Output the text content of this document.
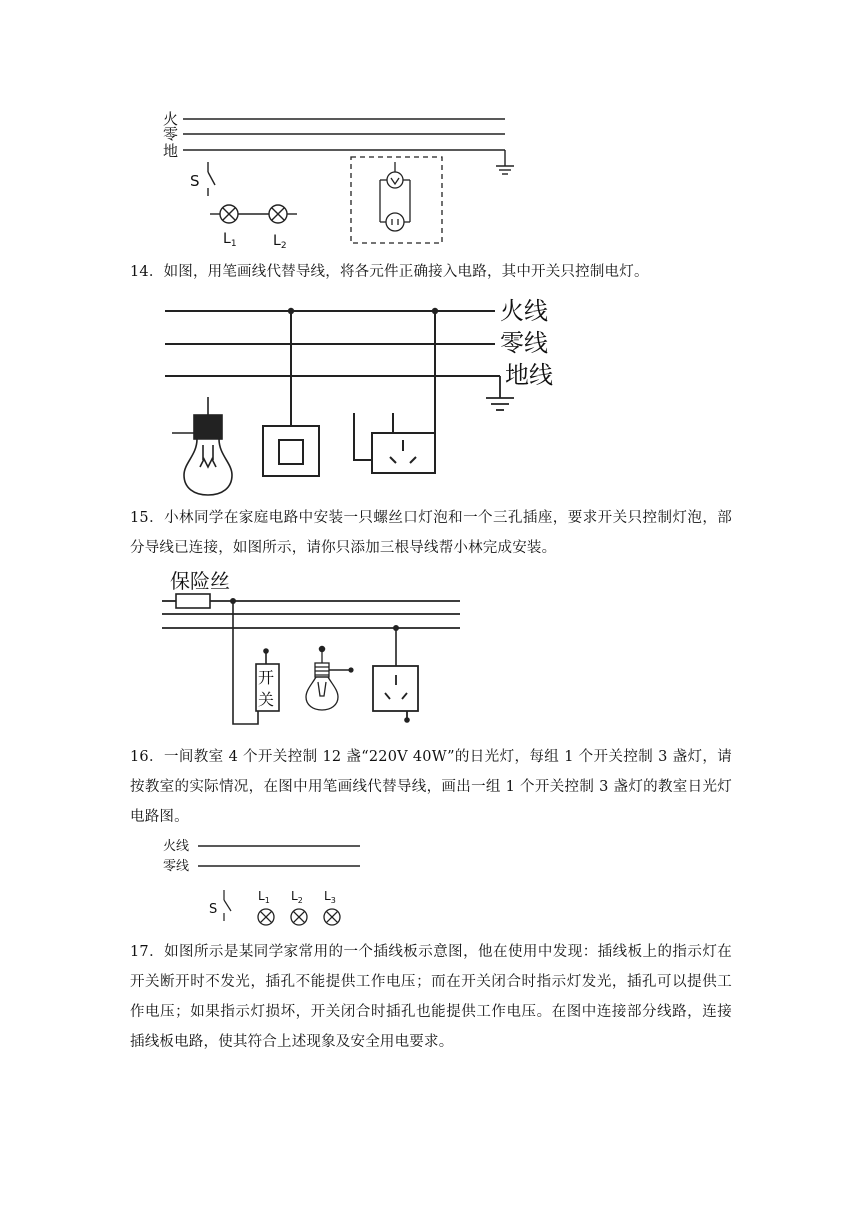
火
零
地
S
$L_1$	$L_2$

14．如图，用笔画线代替导线，将各元件正确接入电路，其中开关只控制电灯。

火线
零线
地线

15．小林同学在家庭电路中安装一只螺丝口灯泡和一个三孔插座，要求开关只控制灯泡，部分导线已连接，如图所示，请你只添加三根导线帮小林完成安装。

保险丝
开
关

16．一间教室 4 个开关控制 12 盏“220V 40W”的日光灯，每组 1 个开关控制 3 盏灯，请按教室的实际情况，在图中用笔画线代替导线，画出一组 1 个开关控制 3 盏灯的教室日光灯电路图。

火线
零线
S
$L_1$ $L_2$ $L_3$

17．如图所示是某同学家常用的一个插线板示意图，他在使用中发现：插线板上的指示灯在开关断开时不发光，插孔不能提供工作电压；而在开关闭合时指示灯发光，插孔可以提供工作电压；如果指示灯损坏，开关闭合时插孔也能提供工作电压。在图中连接部分线路，连接插线板电路，使其符合上述现象及安全用电要求。
